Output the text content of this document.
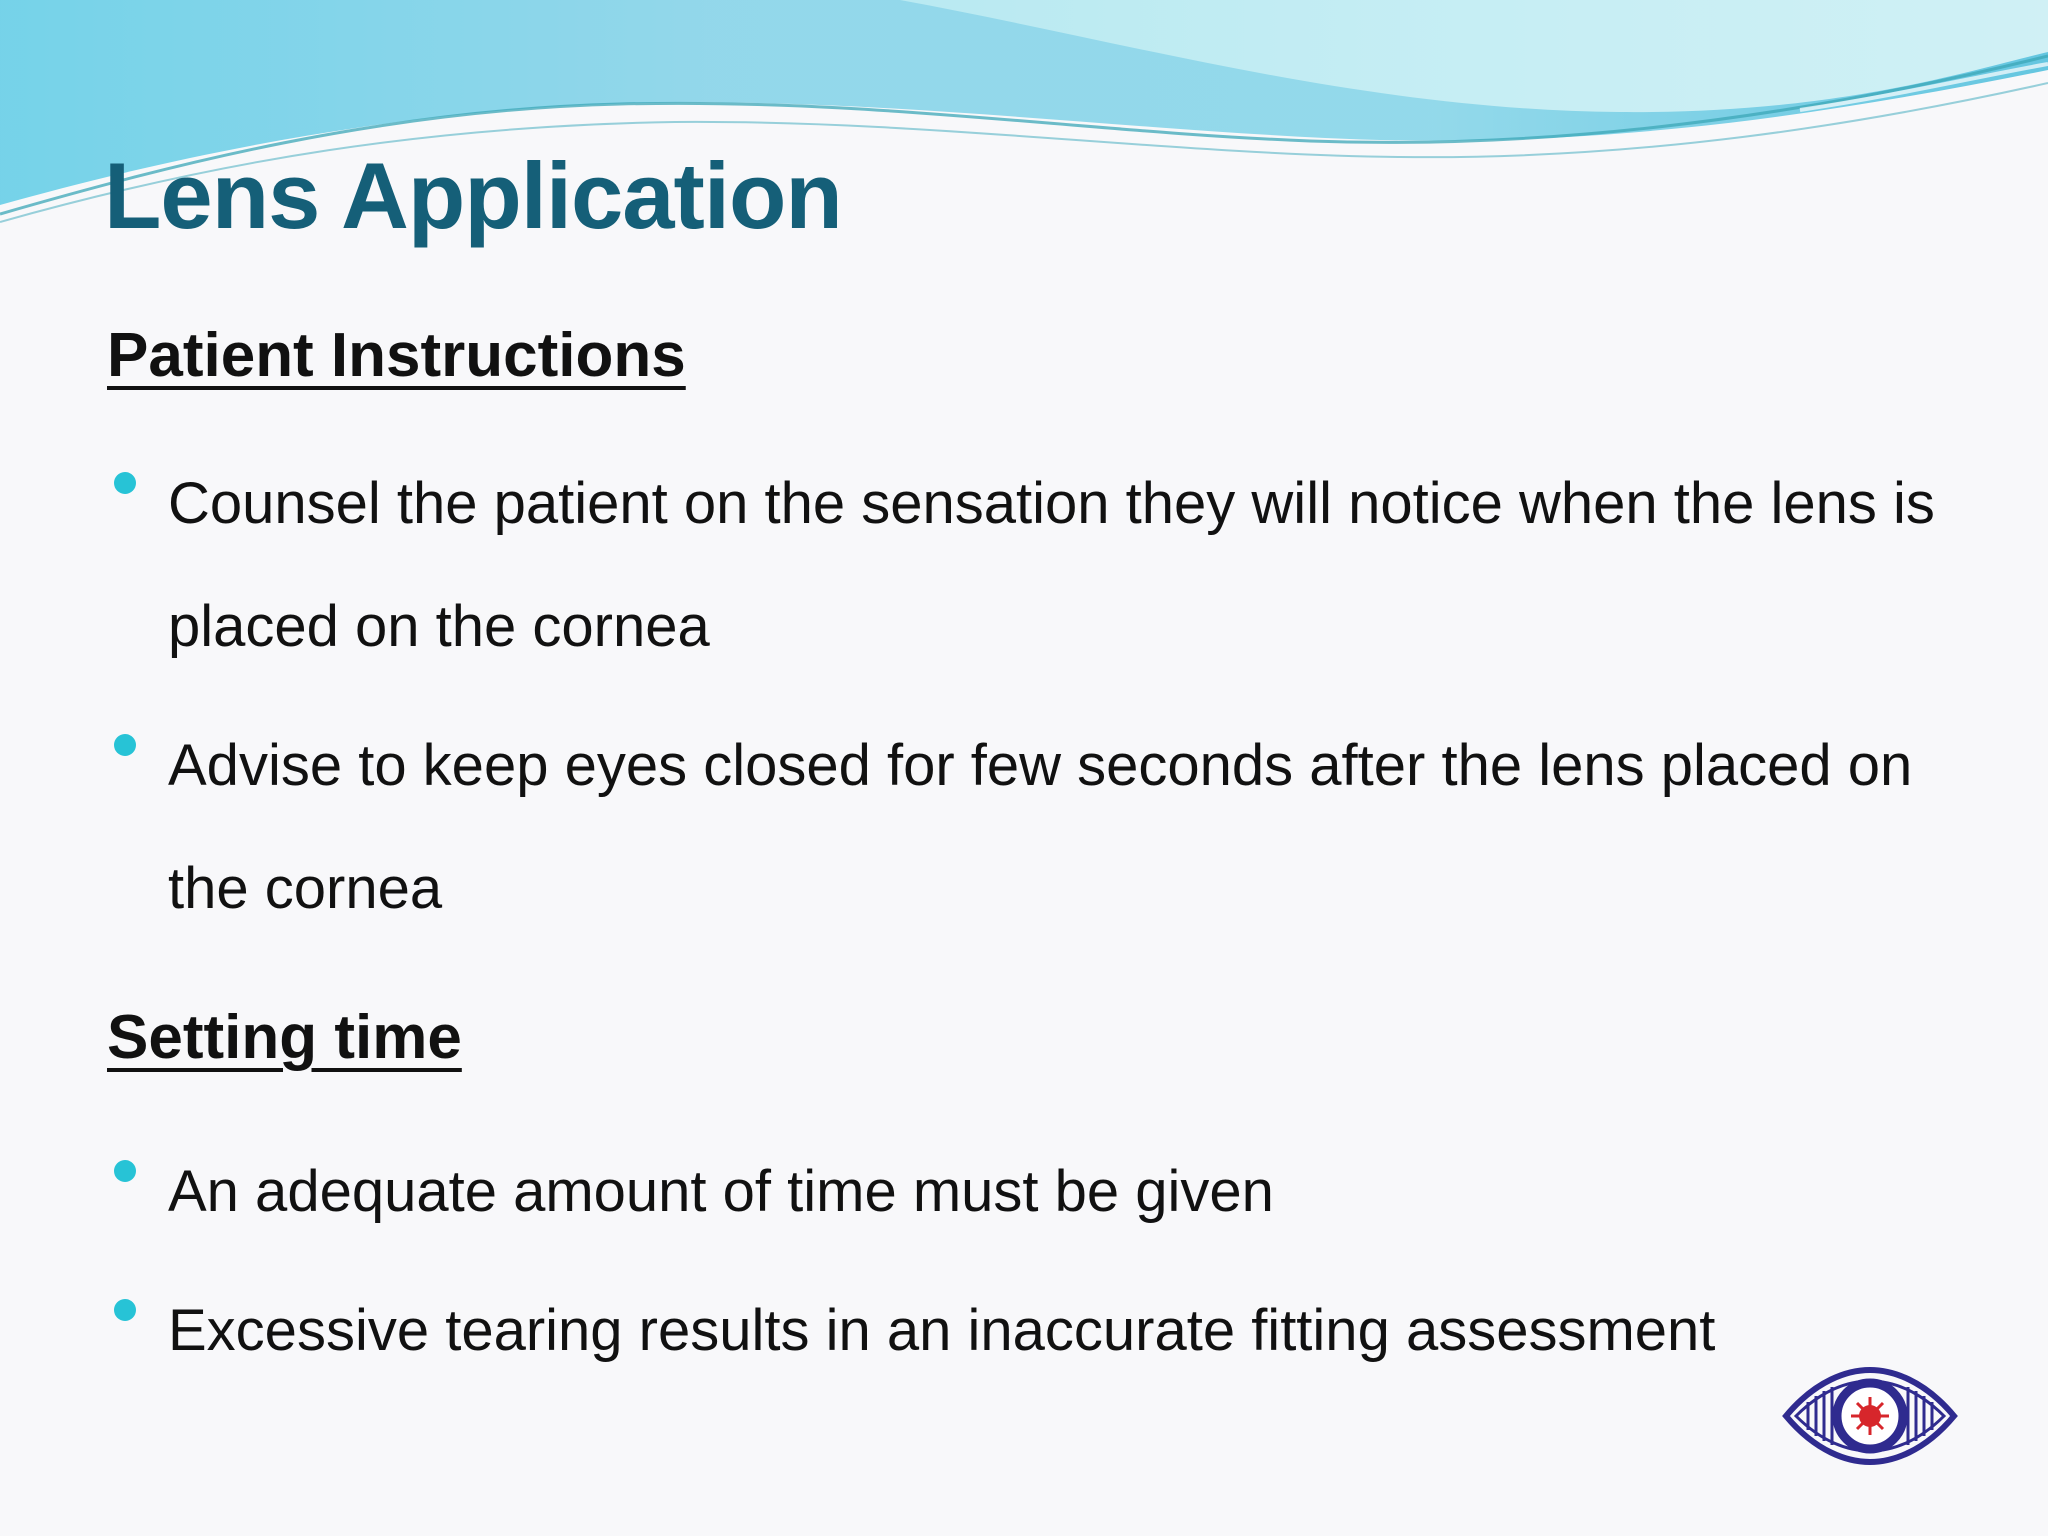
Lens Application
Patient Instructions
Counsel the patient on the sensation they will notice when the lens is placed on the cornea
Advise to keep eyes closed for few seconds after the lens placed on the cornea
Setting time
An adequate amount of time must be given
Excessive tearing results in an inaccurate fitting assessment
